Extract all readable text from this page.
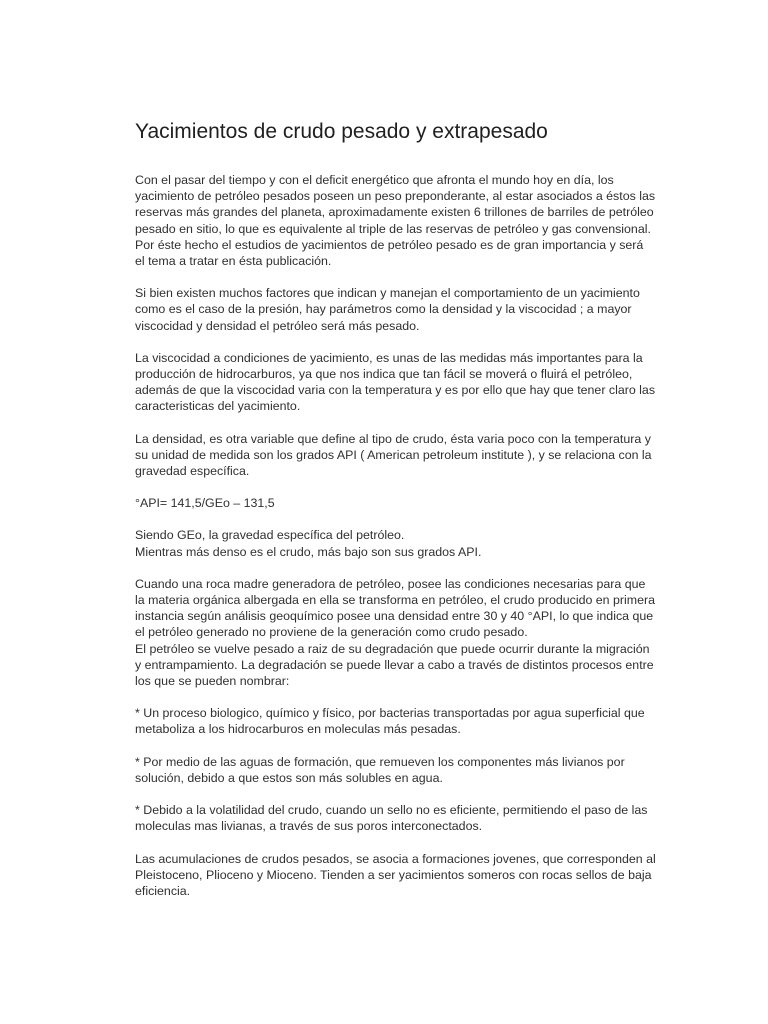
Yacimientos de crudo pesado y extrapesado

Con el pasar del tiempo y con el deficit energético que afronta el mundo hoy en día, los
yacimiento de petróleo pesados poseen un peso preponderante, al estar asociados a éstos las
reservas más grandes del planeta, aproximadamente existen 6 trillones de barriles de petróleo
pesado en sitio, lo que es equivalente al triple de las reservas de petróleo y gas convensional.
Por éste hecho el estudios de yacimientos de petróleo pesado es de gran importancia y será
el tema a tratar en ésta publicación.

Si bien existen muchos factores que indican y manejan el comportamiento de un yacimiento
como es el caso de la presión, hay parámetros como la densidad y la viscocidad ; a mayor
viscocidad y densidad el petróleo será más pesado.

La viscocidad a condiciones de yacimiento, es unas de las medidas más importantes para la
producción de hidrocarburos, ya que nos indica que tan fácil se moverá o fluirá el petróleo,
además de que la viscocidad varia con la temperatura y es por ello que hay que tener claro las
caracteristicas del yacimiento.

La densidad, es otra variable que define al tipo de crudo, ésta varia poco con la temperatura y
su unidad de medida son los grados API ( American petroleum institute ), y se relaciona con la
gravedad específica.

°API= 141,5/GEo – 131,5

Siendo GEo, la gravedad específica del petróleo.
Mientras más denso es el crudo, más bajo son sus grados API.

Cuando una roca madre generadora de petróleo, posee las condiciones necesarias para que
la materia orgánica albergada en ella se transforma en petróleo, el crudo producido en primera
instancia según análisis geoquímico posee una densidad entre 30 y 40 °API, lo que indica que
el petróleo generado no proviene de la generación como crudo pesado.
El petróleo se vuelve pesado a raiz de su degradación que puede ocurrir durante la migración
y entrampamiento. La degradación se puede llevar a cabo a través de distintos procesos entre
los que se pueden nombrar:

* Un proceso biologico, químico y físico, por bacterias transportadas por agua superficial que
metaboliza a los hidrocarburos en moleculas más pesadas.

* Por medio de las aguas de formación, que remueven los componentes más livianos por
solución, debido a que estos son más solubles en agua.

* Debido a la volatilidad del crudo, cuando un sello no es eficiente, permitiendo el paso de las
moleculas mas livianas, a través de sus poros interconectados.

Las acumulaciones de crudos pesados, se asocia a formaciones jovenes, que corresponden al
Pleistoceno, Plioceno y Mioceno. Tienden a ser yacimientos someros con rocas sellos de baja
eficiencia.
